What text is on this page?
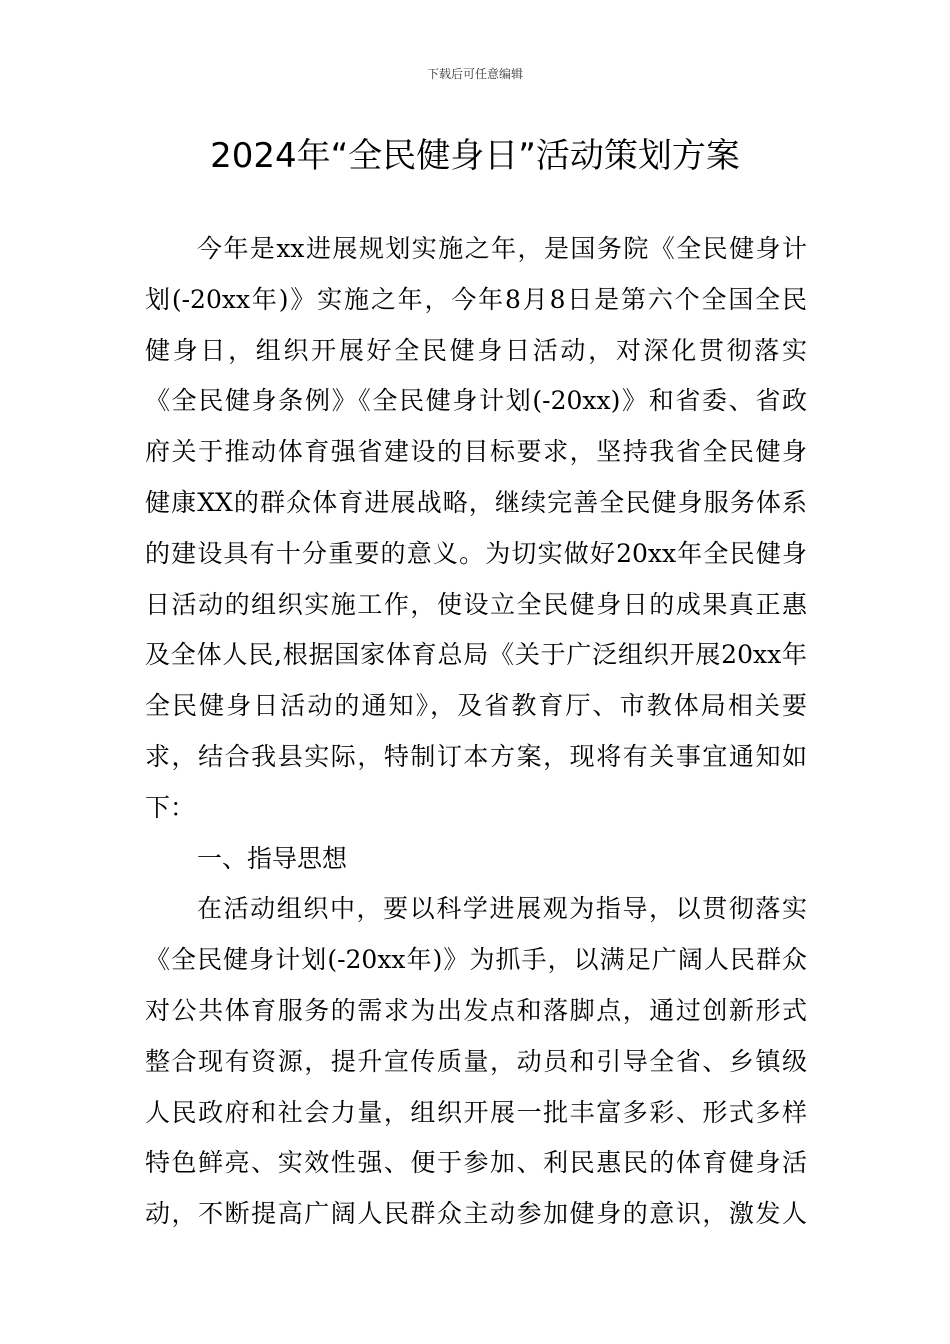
下载后可任意编辑
2024年“全民健身日”活动策划方案
今年是xx进展规划实施之年，是国务院《全民健身计
划(-20xx年)》实施之年，今年8月8日是第六个全国全民
健身日，组织开展好全民健身日活动，对深化贯彻落实
《全民健身条例》《全民健身计划(-20xx)》和省委、省政
府关于推动体育强省建设的目标要求，坚持我省全民健身
健康XX的群众体育进展战略，继续完善全民健身服务体系
的建设具有十分重要的意义。为切实做好20xx年全民健身
日活动的组织实施工作，使设立全民健身日的成果真正惠
及全体人民,根据国家体育总局《关于广泛组织开展20xx年
全民健身日活动的通知》，及省教育厅、市教体局相关要
求，结合我县实际，特制订本方案，现将有关事宜通知如
下：
一、指导思想
在活动组织中，要以科学进展观为指导，以贯彻落实
《全民健身计划(-20xx年)》为抓手，以满足广阔人民群众
对公共体育服务的需求为出发点和落脚点，通过创新形式
整合现有资源，提升宣传质量，动员和引导全省、乡镇级
人民政府和社会力量，组织开展一批丰富多彩、形式多样
特色鲜亮、实效性强、便于参加、利民惠民的体育健身活
动，不断提高广阔人民群众主动参加健身的意识，激发人
